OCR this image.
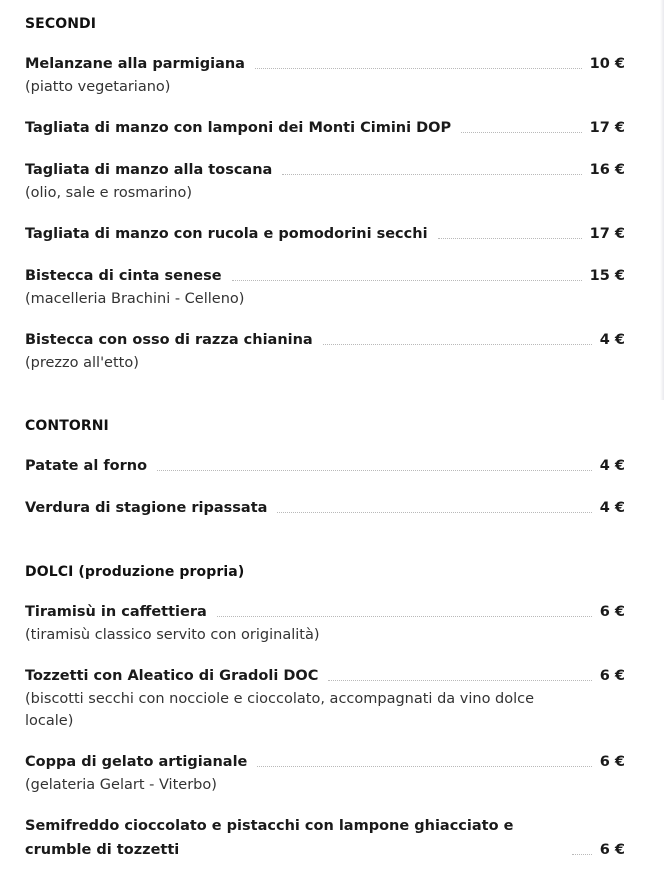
SECONDI
Melanzane alla parmigiana	10 €
(piatto vegetariano)
Tagliata di manzo con lamponi dei Monti Cimini DOP	17 €
Tagliata di manzo alla toscana	16 €
(olio, sale e rosmarino)
Tagliata di manzo con rucola e pomodorini secchi	17 €
Bistecca di cinta senese	15 €
(macelleria Brachini - Celleno)
Bistecca con osso di razza chianina	4 €
(prezzo all'etto)
CONTORNI
Patate al forno	4 €
Verdura di stagione ripassata	4 €
DOLCI (produzione propria)
Tiramisù in caffettiera	6 €
(tiramisù classico servito con originalità)
Tozzetti con Aleatico di Gradoli DOC	6 €
(biscotti secchi con nocciole e cioccolato, accompagnati da vino dolce locale)
Coppa di gelato artigianale	6 €
(gelateria Gelart - Viterbo)
Semifreddo cioccolato e pistacchi con lampone ghiacciato e crumble di tozzetti	6 €
